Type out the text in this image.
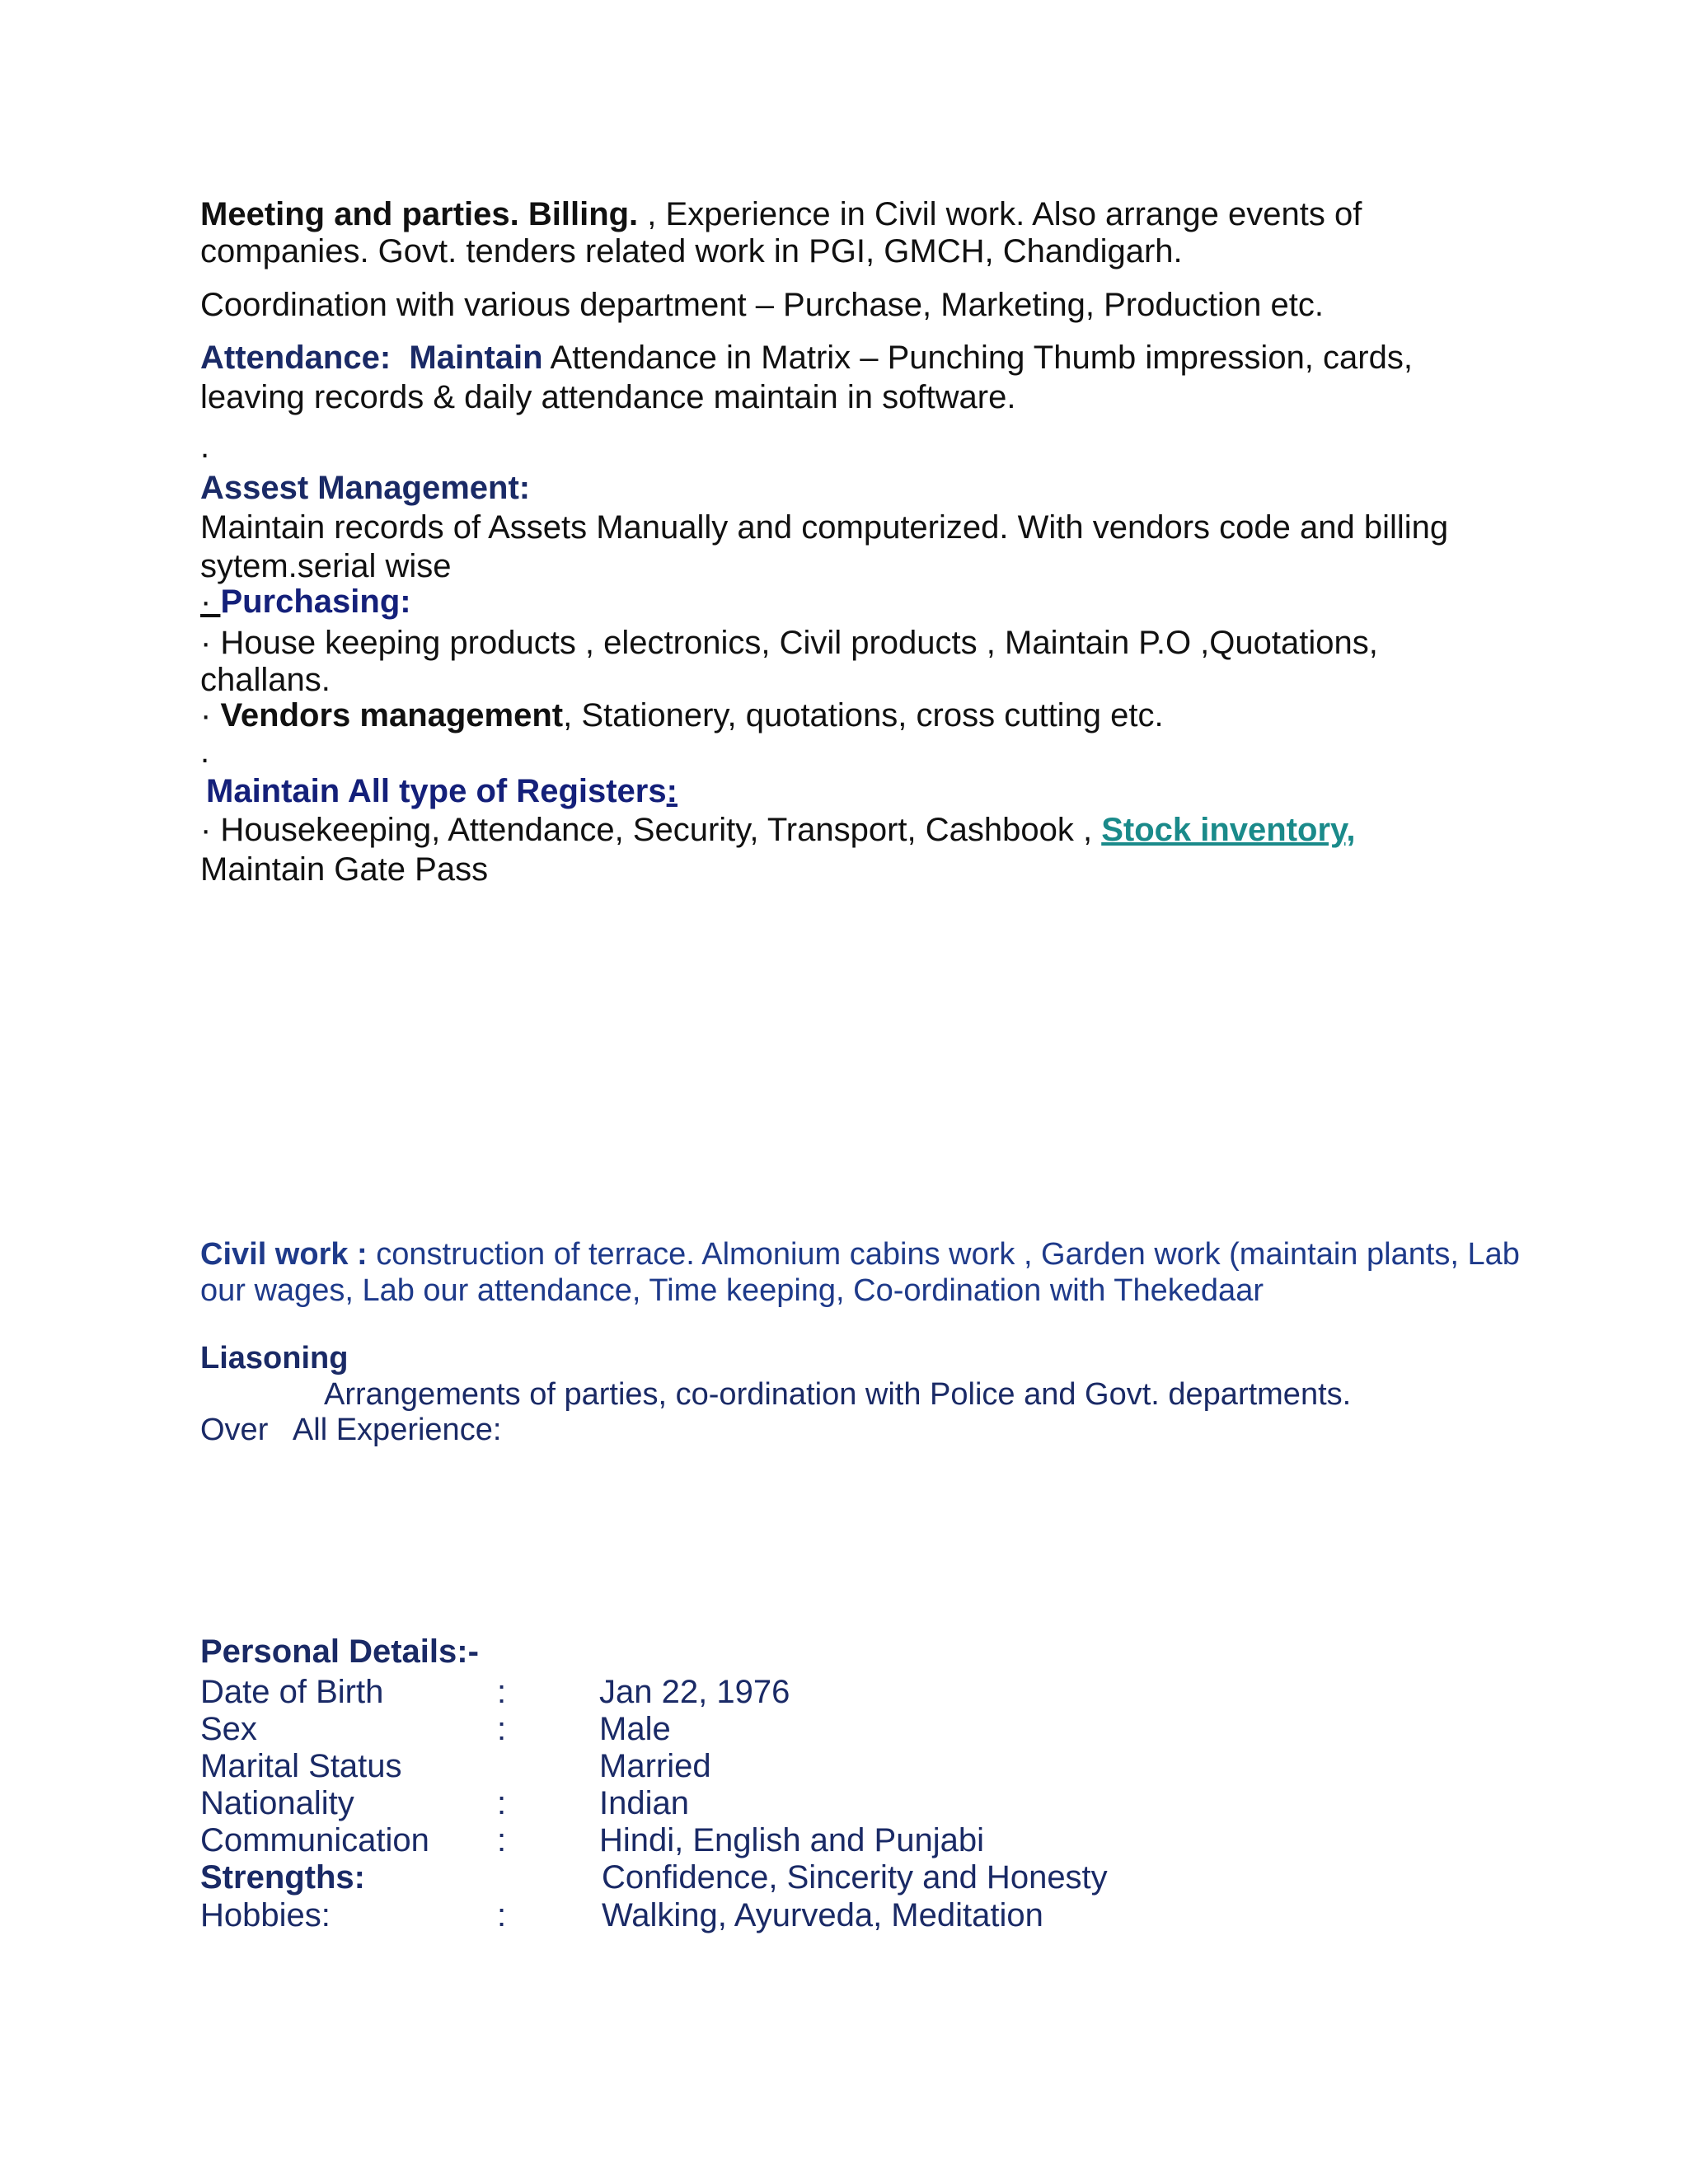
Meeting and parties. Billing. , Experience in Civil work. Also arrange events of
companies. Govt. tenders related work in PGI, GMCH, Chandigarh.
Coordination with various department – Purchase, Marketing, Production etc.
Attendance: Maintain Attendance in Matrix – Punching Thumb impression, cards,
leaving records & daily attendance maintain in software.
.
Assest Management:
Maintain records of Assets Manually and computerized. With vendors code and billing
sytem.serial wise
· Purchasing:
· House keeping products , electronics, Civil products , Maintain P.O ,Quotations,
challans.
· Vendors management, Stationery, quotations, cross cutting etc.
.
Maintain All type of Registers:
· Housekeeping, Attendance, Security, Transport, Cashbook , Stock inventory,
Maintain Gate Pass
Civil work : construction of terrace. Almonium cabins work , Garden work (maintain plants, Lab
our wages, Lab our attendance, Time keeping, Co-ordination with Thekedaar
Liasoning
Arrangements of parties, co-ordination with Police and Govt. departments.
Over   All Experience:
Personal Details:-
Date of Birth	:	Jan 22, 1976
Sex	:	Male
Marital Status	Married
Nationality	:	Indian
Communication :	Hindi, English and Punjabi
Strengths:	Confidence, Sincerity and Honesty
Hobbies:	:	Walking, Ayurveda, Meditation
